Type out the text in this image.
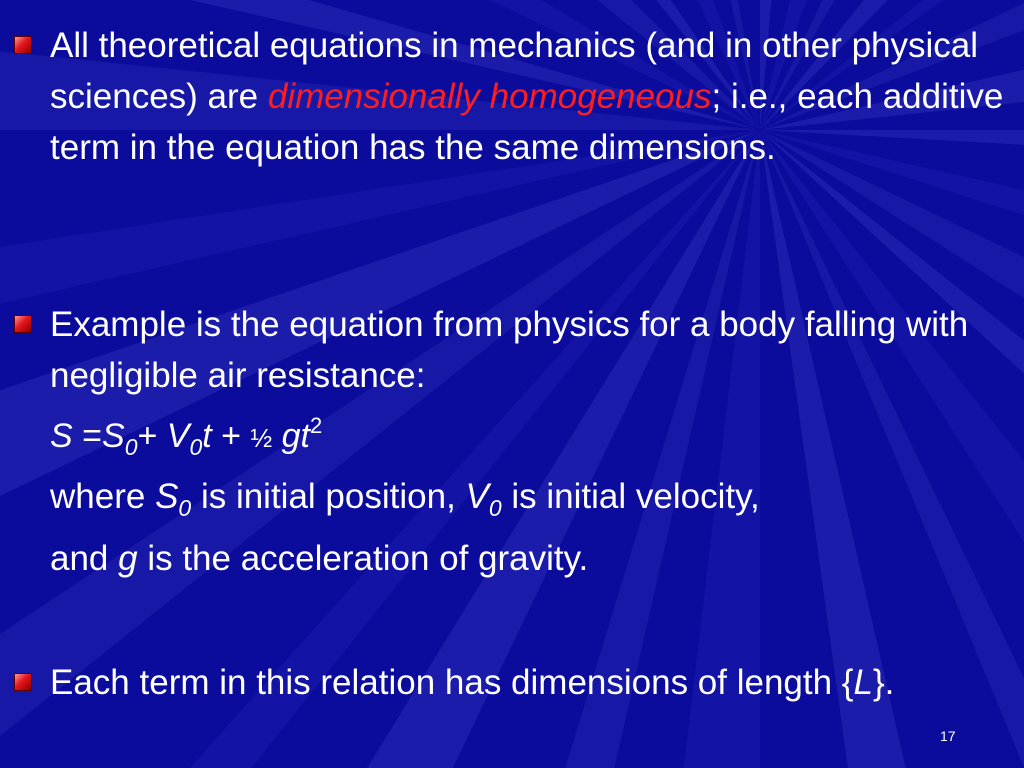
All theoretical equations in mechanics (and in other physical sciences) are dimensionally homogeneous; i.e., each additive term in the equation has the same dimensions.

Example is the equation from physics for a body falling with negligible air resistance:

$S =S_0+ V_0t$ + ½ $gt^2$

where $S_0$ is initial position, $V_0$ is initial velocity,

and g is the acceleration of gravity.

Each term in this relation has dimensions of length {L}.

17
